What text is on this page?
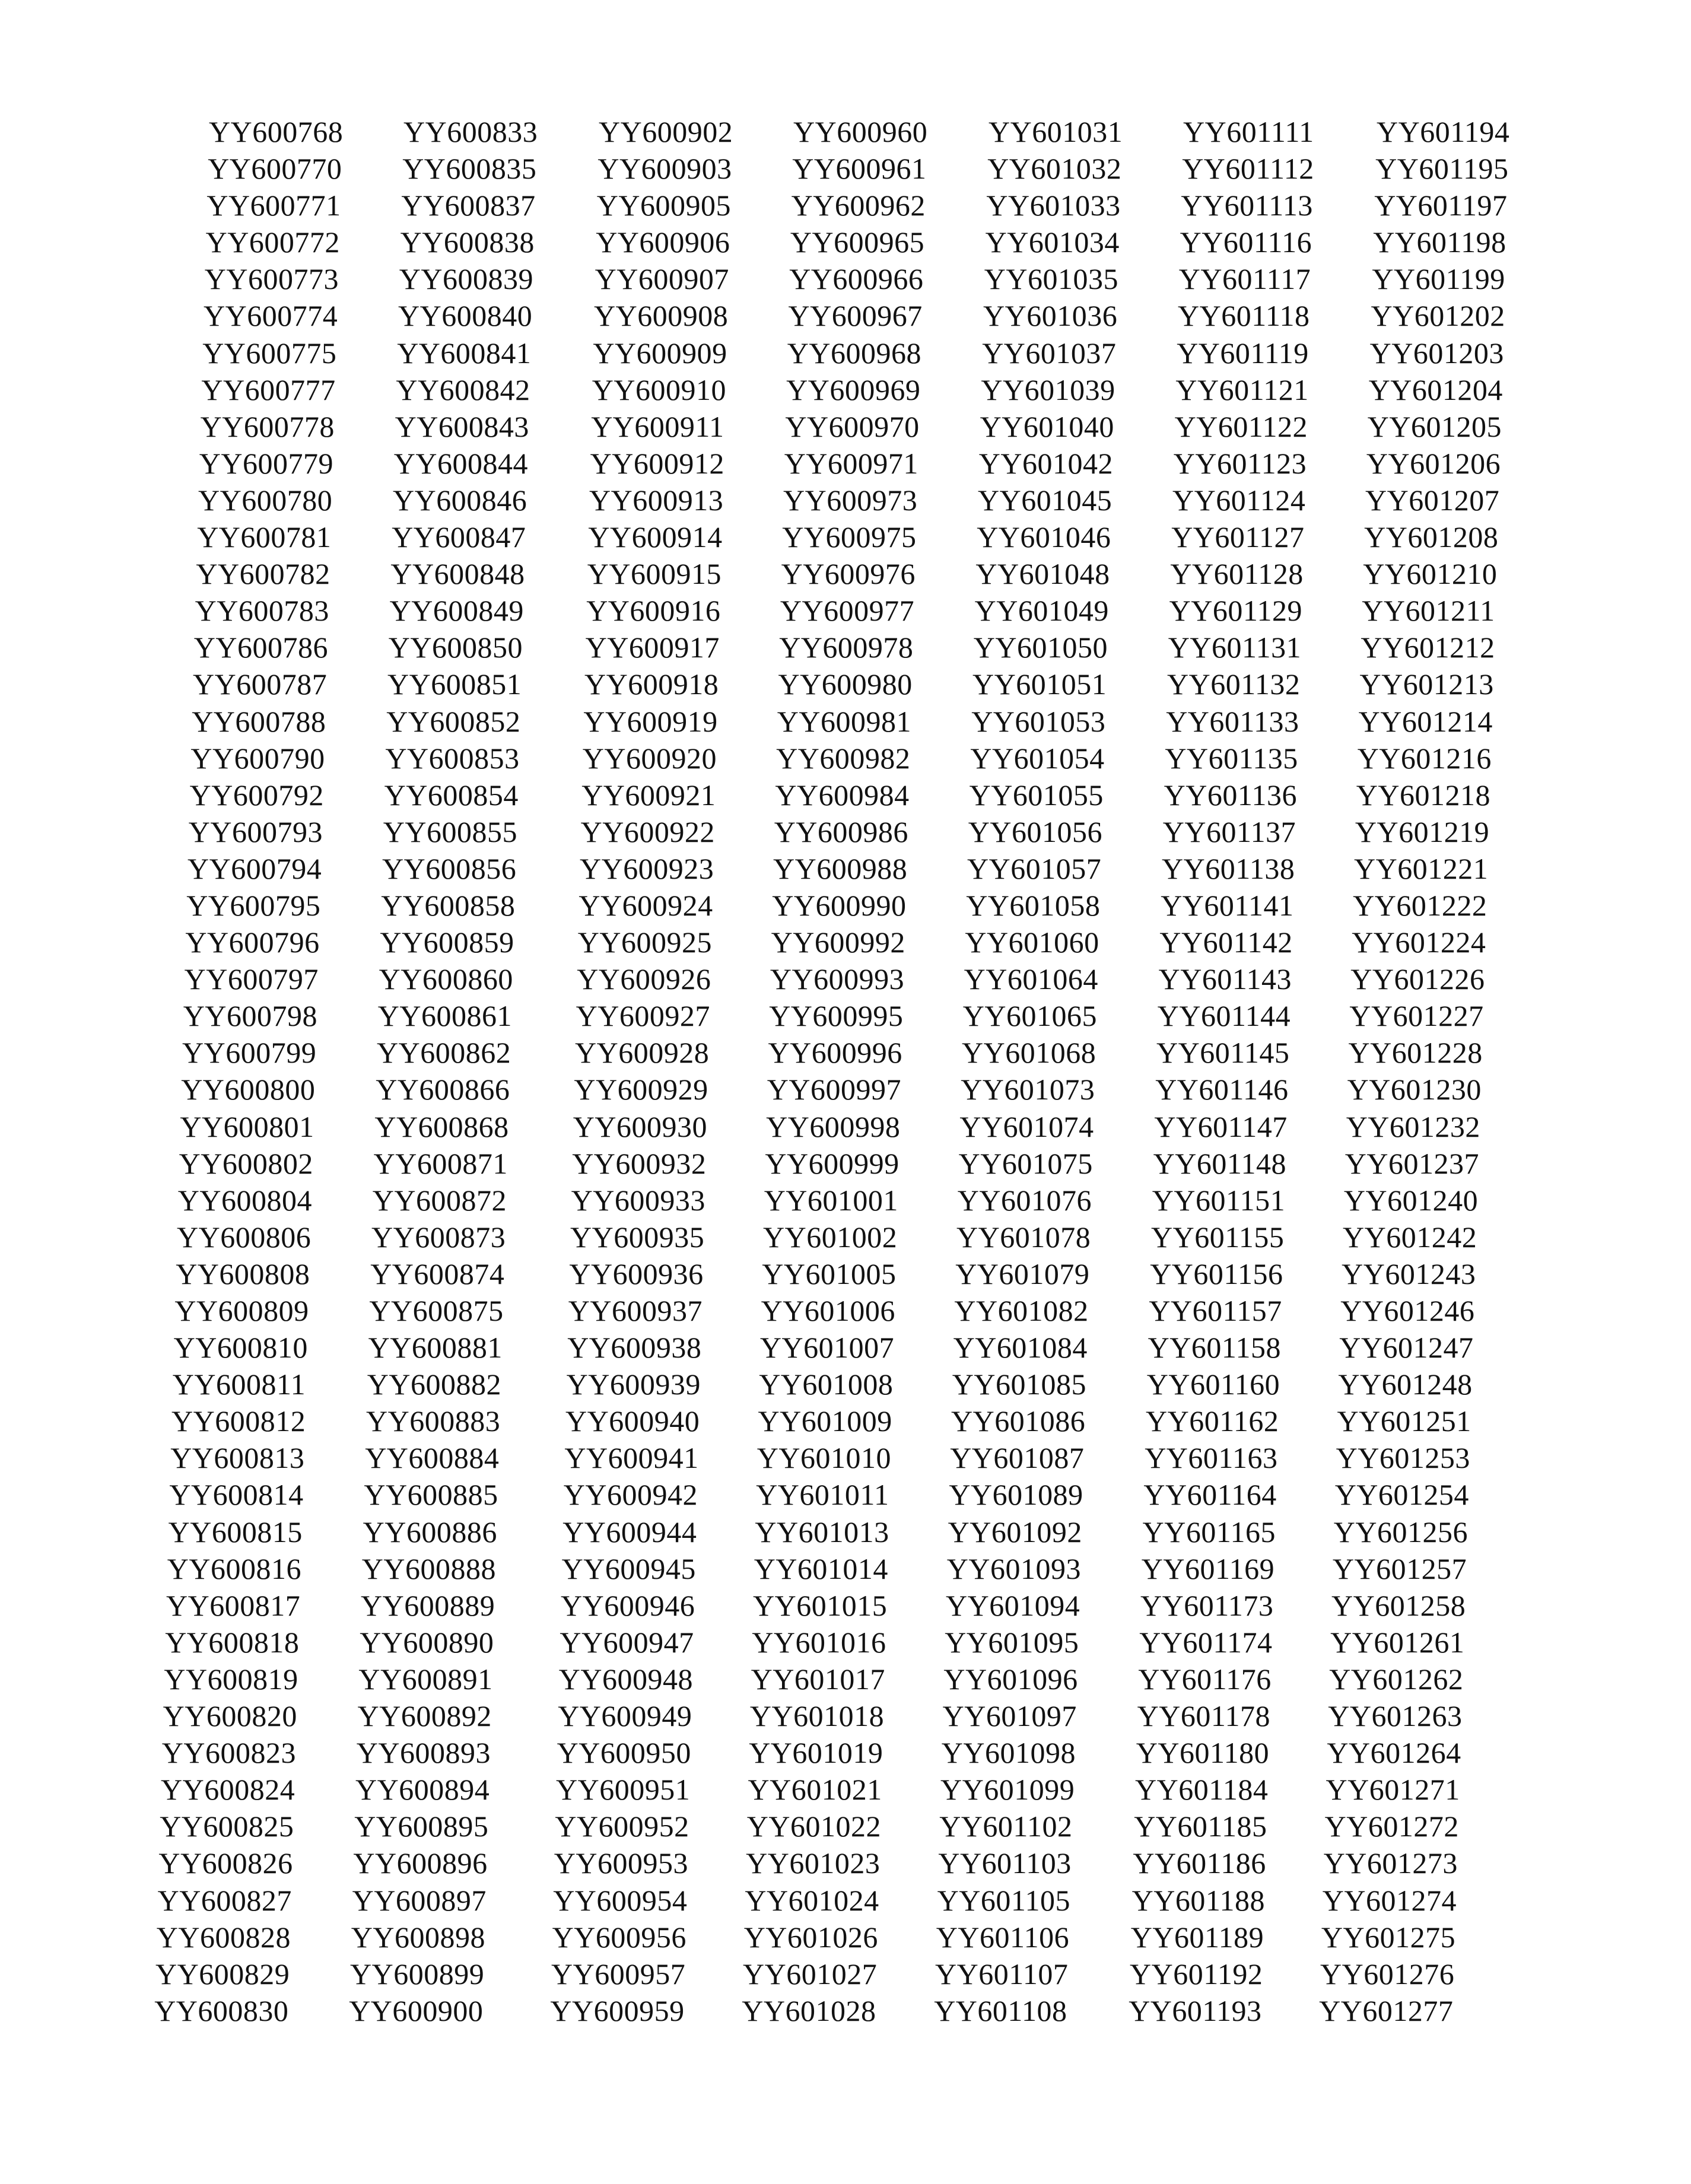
YY600768
YY600770
YY600771
YY600772
YY600773
YY600774
YY600775
YY600777
YY600778
YY600779
YY600780
YY600781
YY600782
YY600783
YY600786
YY600787
YY600788
YY600790
YY600792
YY600793
YY600794
YY600795
YY600796
YY600797
YY600798
YY600799
YY600800
YY600801
YY600802
YY600804
YY600806
YY600808
YY600809
YY600810
YY600811
YY600812
YY600813
YY600814
YY600815
YY600816
YY600817
YY600818
YY600819
YY600820
YY600823
YY600824
YY600825
YY600826
YY600827
YY600828
YY600829
YY600830
YY600833
YY600835
YY600837
YY600838
YY600839
YY600840
YY600841
YY600842
YY600843
YY600844
YY600846
YY600847
YY600848
YY600849
YY600850
YY600851
YY600852
YY600853
YY600854
YY600855
YY600856
YY600858
YY600859
YY600860
YY600861
YY600862
YY600866
YY600868
YY600871
YY600872
YY600873
YY600874
YY600875
YY600881
YY600882
YY600883
YY600884
YY600885
YY600886
YY600888
YY600889
YY600890
YY600891
YY600892
YY600893
YY600894
YY600895
YY600896
YY600897
YY600898
YY600899
YY600900
YY600902
YY600903
YY600905
YY600906
YY600907
YY600908
YY600909
YY600910
YY600911
YY600912
YY600913
YY600914
YY600915
YY600916
YY600917
YY600918
YY600919
YY600920
YY600921
YY600922
YY600923
YY600924
YY600925
YY600926
YY600927
YY600928
YY600929
YY600930
YY600932
YY600933
YY600935
YY600936
YY600937
YY600938
YY600939
YY600940
YY600941
YY600942
YY600944
YY600945
YY600946
YY600947
YY600948
YY600949
YY600950
YY600951
YY600952
YY600953
YY600954
YY600956
YY600957
YY600959
YY600960
YY600961
YY600962
YY600965
YY600966
YY600967
YY600968
YY600969
YY600970
YY600971
YY600973
YY600975
YY600976
YY600977
YY600978
YY600980
YY600981
YY600982
YY600984
YY600986
YY600988
YY600990
YY600992
YY600993
YY600995
YY600996
YY600997
YY600998
YY600999
YY601001
YY601002
YY601005
YY601006
YY601007
YY601008
YY601009
YY601010
YY601011
YY601013
YY601014
YY601015
YY601016
YY601017
YY601018
YY601019
YY601021
YY601022
YY601023
YY601024
YY601026
YY601027
YY601028
YY601031
YY601032
YY601033
YY601034
YY601035
YY601036
YY601037
YY601039
YY601040
YY601042
YY601045
YY601046
YY601048
YY601049
YY601050
YY601051
YY601053
YY601054
YY601055
YY601056
YY601057
YY601058
YY601060
YY601064
YY601065
YY601068
YY601073
YY601074
YY601075
YY601076
YY601078
YY601079
YY601082
YY601084
YY601085
YY601086
YY601087
YY601089
YY601092
YY601093
YY601094
YY601095
YY601096
YY601097
YY601098
YY601099
YY601102
YY601103
YY601105
YY601106
YY601107
YY601108
YY601111
YY601112
YY601113
YY601116
YY601117
YY601118
YY601119
YY601121
YY601122
YY601123
YY601124
YY601127
YY601128
YY601129
YY601131
YY601132
YY601133
YY601135
YY601136
YY601137
YY601138
YY601141
YY601142
YY601143
YY601144
YY601145
YY601146
YY601147
YY601148
YY601151
YY601155
YY601156
YY601157
YY601158
YY601160
YY601162
YY601163
YY601164
YY601165
YY601169
YY601173
YY601174
YY601176
YY601178
YY601180
YY601184
YY601185
YY601186
YY601188
YY601189
YY601192
YY601193
YY601194
YY601195
YY601197
YY601198
YY601199
YY601202
YY601203
YY601204
YY601205
YY601206
YY601207
YY601208
YY601210
YY601211
YY601212
YY601213
YY601214
YY601216
YY601218
YY601219
YY601221
YY601222
YY601224
YY601226
YY601227
YY601228
YY601230
YY601232
YY601237
YY601240
YY601242
YY601243
YY601246
YY601247
YY601248
YY601251
YY601253
YY601254
YY601256
YY601257
YY601258
YY601261
YY601262
YY601263
YY601264
YY601271
YY601272
YY601273
YY601274
YY601275
YY601276
YY601277
